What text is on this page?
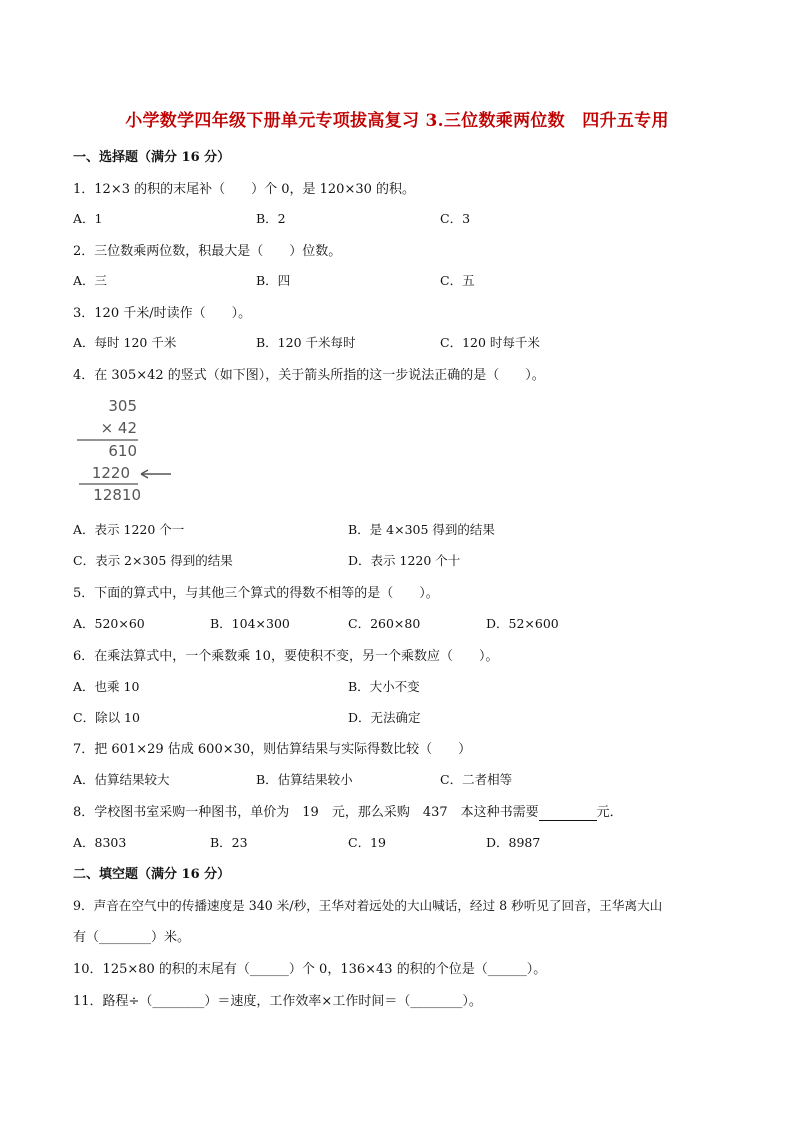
小学数学四年级下册单元专项拔高复习 3.三位数乘两位数　四升五专用
一、选择题（满分 16 分）
1．12×3 的积的末尾补（　　）个 0，是 120×30 的积。
A．1	B．2	C．3
2．三位数乘两位数，积最大是（　　）位数。
A．三	B．四	C．五
3．120 千米/时读作（　　）。
A．每时 120 千米	B．120 千米每时	C．120 时每千米
4．在 305×42 的竖式（如下图），关于箭头所指的这一步说法正确的是（　　）。
305
× 42
610
1220
12810
A．表示 1220 个一	B．是 4×305 得到的结果
C．表示 2×305 得到的结果	D．表示 1220 个十
5．下面的算式中，与其他三个算式的得数不相等的是（　　）。
A．520×60	B．104×300	C．260×80	D．52×600
6．在乘法算式中，一个乘数乘 10，要使积不变，另一个乘数应（　　）。
A．也乘 10	B．大小不变
C．除以 10	D．无法确定
7．把 601×29 估成 600×30，则估算结果与实际得数比较（　　）
A．估算结果较大	B．估算结果较小	C．二者相等
8．学校图书室采购一种图书，单价为　19　元，那么采购　437　本这种书需要	元．
A．8303	B．23	C．19	D．8987
二、填空题（满分 16 分）
9．声音在空气中的传播速度是 340 米/秒，王华对着远处的大山喊话，经过 8 秒听见了回音，王华离大山
有（________）米。
10．125×80 的积的末尾有（______）个 0，136×43 的积的个位是（______）。
11．路程÷（________）＝速度，工作效率×工作时间＝（________）。
